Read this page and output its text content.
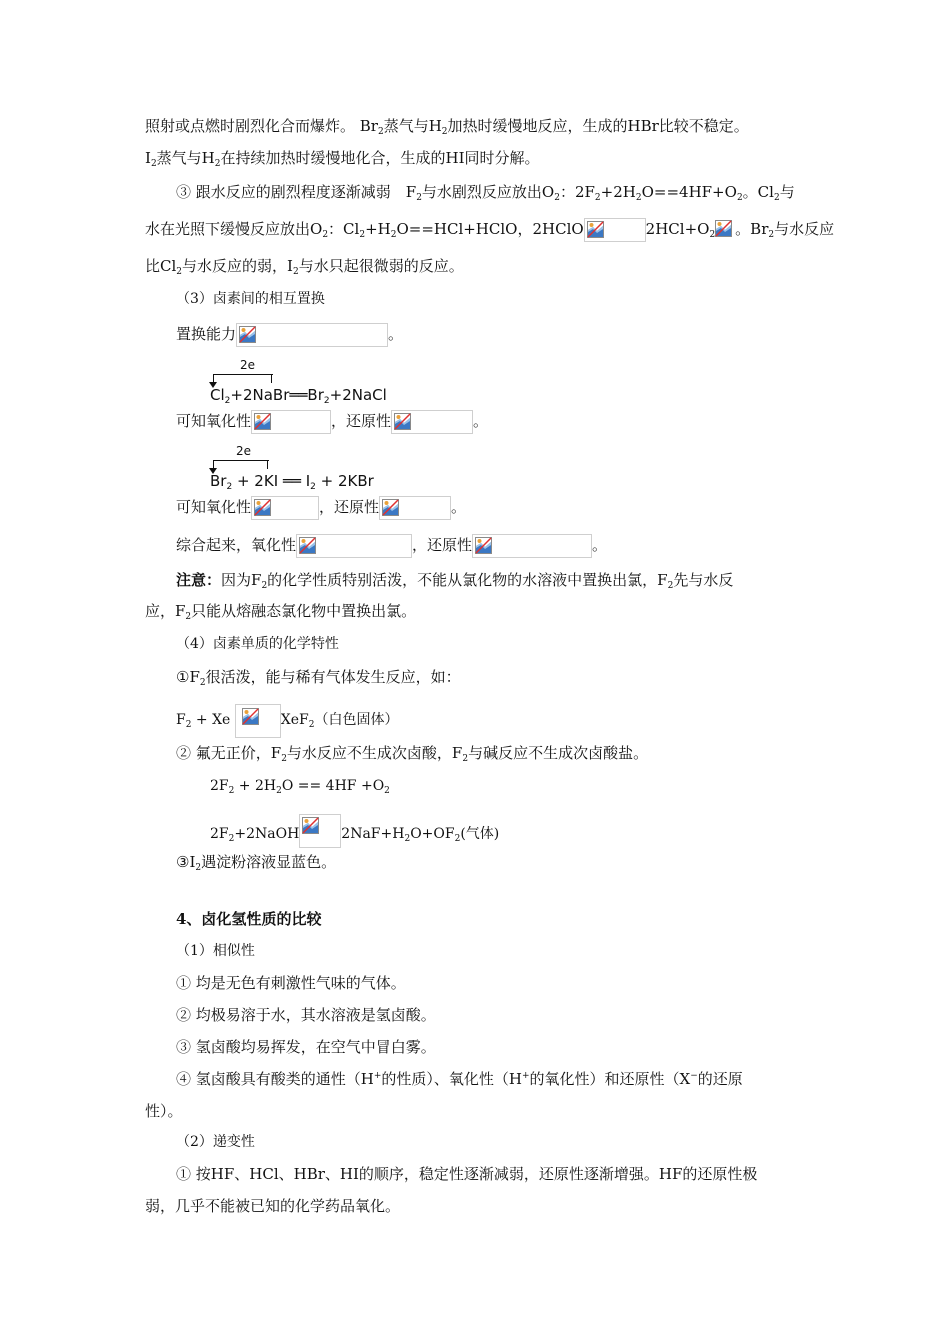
照射或点燃时剧烈化合而爆炸。 $Br_2$蒸气与$H_2$加热时缓慢地反应，生成的HBr比较不稳定。
$I_2$蒸气与$H_2$在持续加热时缓慢地化合，生成的HI同时分解。
③ 跟水反应的剧烈程度逐渐减弱　$F_2$与水剧烈反应放出$O_2$：$2F_2+2H_2O==4HF+O_2$。$Cl_2$与
水在光照下缓慢反应放出$O_2$：$Cl_2+H_2O==HCl+HClO$，2HClO	$2HCl+O_2$ 。$Br_2$与水反应
比$Cl_2$与水反应的弱，$I_2$与水只起很微弱的反应。
（3）卤素间的相互置换
置换能力	。
2e
$Cl_2+2NaBr══Br_2+2NaCl$
可知氧化性	，还原性	。
2e
$Br_2 + 2KI$ ══ $I_2 + 2KBr$
可知氧化性	，还原性	。
综合起来，氧化性	，还原性	。
注意：因为$F_2$的化学性质特别活泼，不能从氯化物的水溶液中置换出氯，$F_2$先与水反
应，$F_2$只能从熔融态氯化物中置换出氯。
（4）卤素单质的化学特性
$①F_2$很活泼，能与稀有气体发生反应，如：
$F_2 + Xe$	XeF$_2$（白色固体）
② 氟无正价，$F_2$与水反应不生成次卤酸，$F_2$与碱反应不生成次卤酸盐。
$2F_2 + 2H_2O == 4HF +O_2$
$2F_2+2NaOH$	$2NaF+H_2O+OF_2$(气体)
$③I_2$遇淀粉溶液显蓝色。
4、卤化氢性质的比较
（1）相似性
① 均是无色有刺激性气味的气体。
② 均极易溶于水，其水溶液是氢卤酸。
③ 氢卤酸均易挥发，在空气中冒白雾。
④ 氢卤酸具有酸类的通性（H+的性质）、氧化性（H+的氧化性）和还原性（X−的还原
性）。
（2）递变性
① 按HF、HCl、HBr、HI的顺序，稳定性逐渐减弱，还原性逐渐增强。HF的还原性极
弱，几乎不能被已知的化学药品氧化。
